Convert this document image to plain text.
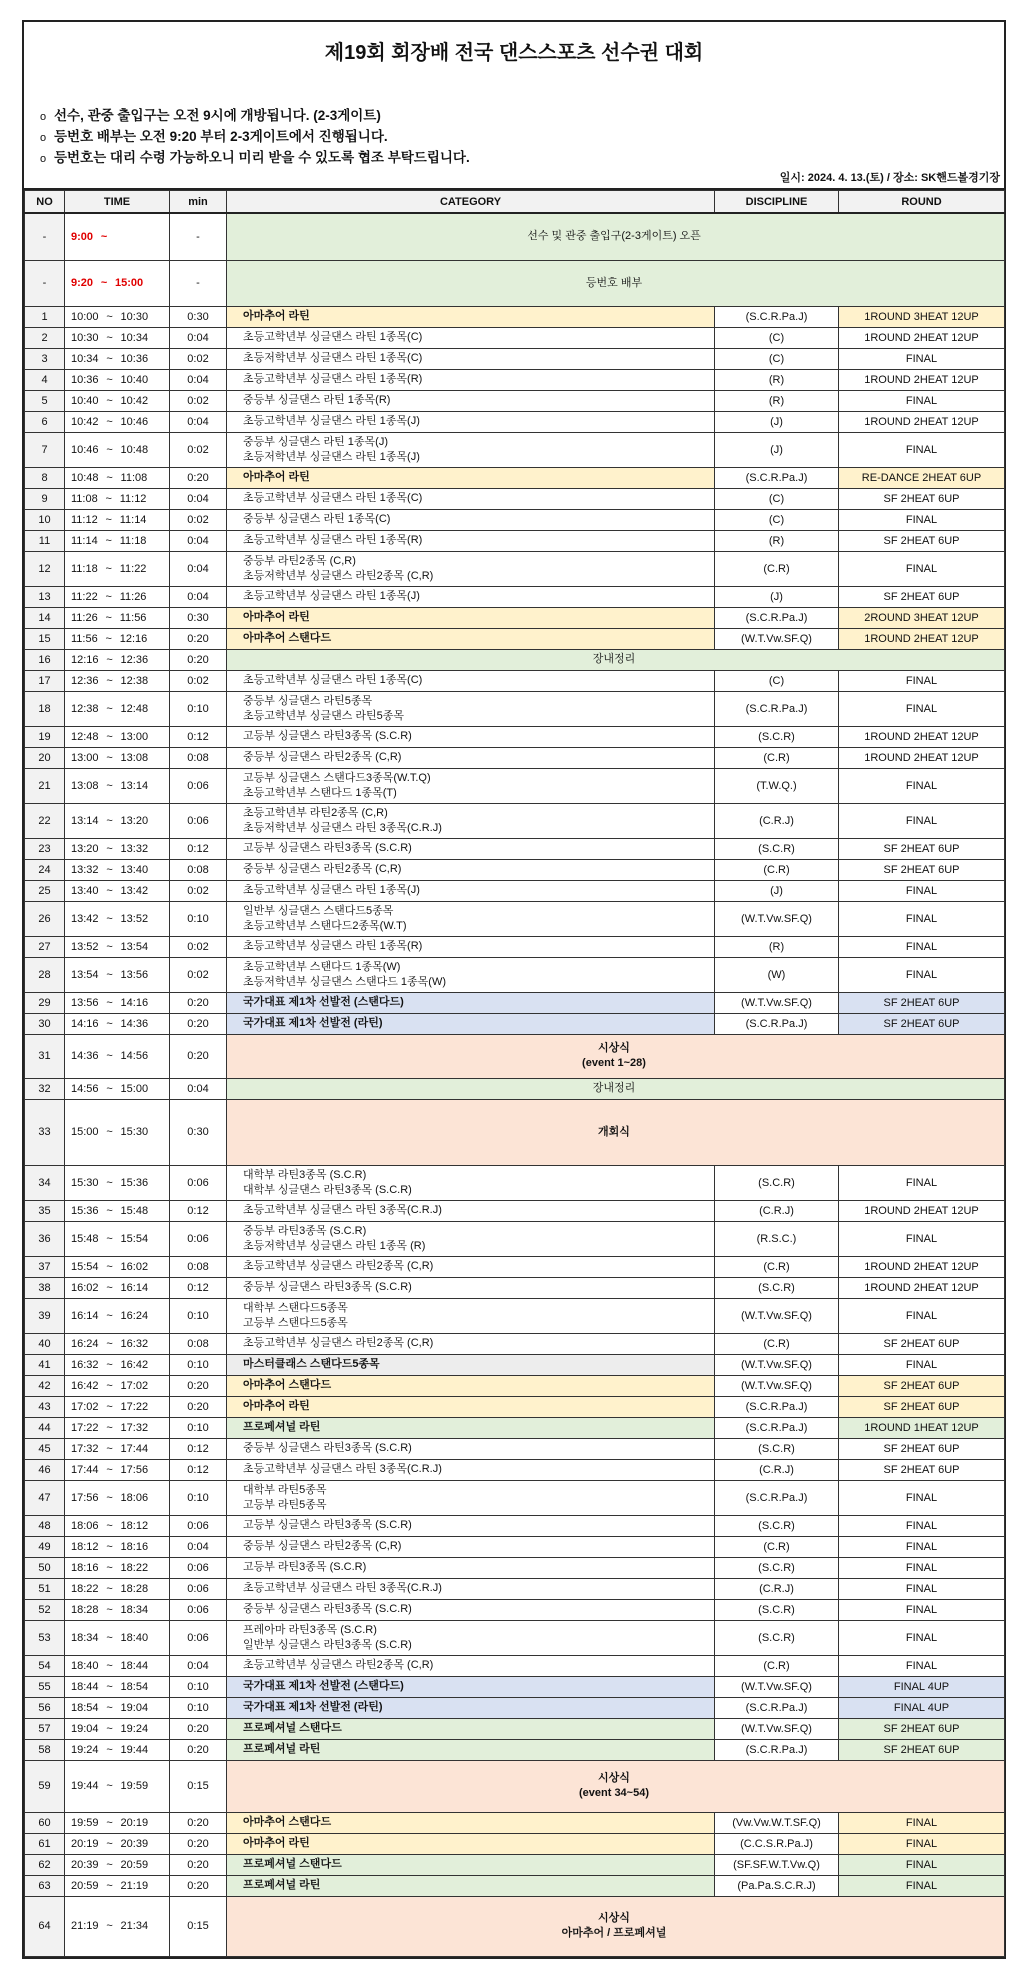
제19회 회장배 전국 댄스스포츠 선수권 대회
o 선수, 관중 출입구는 오전 9시에 개방됩니다. (2-3게이트)
o 등번호 배부는 오전 9:20 부터 2-3게이트에서 진행됩니다.
o 등번호는 대리 수령 가능하오니 미리 받을 수 있도록 협조 부탁드립니다.
일시: 2024. 4. 13.(토) / 장소: SK핸드볼경기장
NO	TIME	min	CATEGORY	DISCIPLINE	ROUND
-	9:00 ~	-	선수 및 관중 출입구(2-3게이트) 오픈		

-	9:20 ~ 15:00	-	등번호 배부		

1	10:00 ~ 10:30	0:30	아마추어 라틴	(S.C.R.Pa.J)	1ROUND 3HEAT 12UP
2	10:30 ~ 10:34	0:04	초등고학년부 싱글댄스 라틴 1종목(C)	(C)	1ROUND 2HEAT 12UP
3	10:34 ~ 10:36	0:02	초등저학년부 싱글댄스 라틴 1종목(C)	(C)	FINAL
4	10:36 ~ 10:40	0:04	초등고학년부 싱글댄스 라틴 1종목(R)	(R)	1ROUND 2HEAT 12UP
5	10:40 ~ 10:42	0:02	중등부 싱글댄스 라틴 1종목(R)	(R)	FINAL
6	10:42 ~ 10:46	0:04	초등고학년부 싱글댄스 라틴 1종목(J)	(J)	1ROUND 2HEAT 12UP
7	10:46 ~ 10:48	0:02	중등부 싱글댄스 라틴 1종목(J)
초등저학년부 싱글댄스 라틴 1종목(J)	(J)	FINAL
8	10:48 ~ 11:08	0:20	아마추어 라틴	(S.C.R.Pa.J)	RE-DANCE 2HEAT 6UP
9	11:08 ~ 11:12	0:04	초등고학년부 싱글댄스 라틴 1종목(C)	(C)	SF 2HEAT 6UP
10	11:12 ~ 11:14	0:02	중등부 싱글댄스 라틴 1종목(C)	(C)	FINAL
11	11:14 ~ 11:18	0:04	초등고학년부 싱글댄스 라틴 1종목(R)	(R)	SF 2HEAT 6UP
12	11:18 ~ 11:22	0:04	중등부 라틴2종목 (C,R)
초등저학년부 싱글댄스 라틴2종목 (C,R)	(C.R)	FINAL
13	11:22 ~ 11:26	0:04	초등고학년부 싱글댄스 라틴 1종목(J)	(J)	SF 2HEAT 6UP
14	11:26 ~ 11:56	0:30	아마추어 라틴	(S.C.R.Pa.J)	2ROUND 3HEAT 12UP
15	11:56 ~ 12:16	0:20	아마추어 스탠다드	(W.T.Vw.SF.Q)	1ROUND 2HEAT 12UP
16	12:16 ~ 12:36	0:20	장내정리		

17	12:36 ~ 12:38	0:02	초등고학년부 싱글댄스 라틴 1종목(C)	(C)	FINAL
18	12:38 ~ 12:48	0:10	중등부 싱글댄스 라틴5종목
초등고학년부 싱글댄스 라틴5종목	(S.C.R.Pa.J)	FINAL
19	12:48 ~ 13:00	0:12	고등부 싱글댄스 라틴3종목 (S.C.R)	(S.C.R)	1ROUND 2HEAT 12UP
20	13:00 ~ 13:08	0:08	중등부 싱글댄스 라틴2종목 (C,R)	(C.R)	1ROUND 2HEAT 12UP
21	13:08 ~ 13:14	0:06	고등부 싱글댄스 스탠다드3종목(W.T.Q)
초등고학년부 스탠다드 1종목(T)	(T.W.Q.)	FINAL
22	13:14 ~ 13:20	0:06	초등고학년부 라틴2종목 (C,R)
초등저학년부 싱글댄스 라틴 3종목(C.R.J)	(C.R.J)	FINAL
23	13:20 ~ 13:32	0:12	고등부 싱글댄스 라틴3종목 (S.C.R)	(S.C.R)	SF 2HEAT 6UP
24	13:32 ~ 13:40	0:08	중등부 싱글댄스 라틴2종목 (C,R)	(C.R)	SF 2HEAT 6UP
25	13:40 ~ 13:42	0:02	초등고학년부 싱글댄스 라틴 1종목(J)	(J)	FINAL
26	13:42 ~ 13:52	0:10	일반부 싱글댄스 스탠다드5종목
초등고학년부 스탠다드2종목(W.T)	(W.T.Vw.SF.Q)	FINAL
27	13:52 ~ 13:54	0:02	초등고학년부 싱글댄스 라틴 1종목(R)	(R)	FINAL
28	13:54 ~ 13:56	0:02	초등고학년부 스탠다드 1종목(W)
초등저학년부 싱글댄스 스탠다드 1종목(W)	(W)	FINAL
29	13:56 ~ 14:16	0:20	국가대표 제1차 선발전 (스탠다드)	(W.T.Vw.SF.Q)	SF 2HEAT 6UP
30	14:16 ~ 14:36	0:20	국가대표 제1차 선발전 (라틴)	(S.C.R.Pa.J)	SF 2HEAT 6UP
31	14:36 ~ 14:56	0:20	시상식
(event 1~28)		

32	14:56 ~ 15:00	0:04	장내정리		

33	15:00 ~ 15:30	0:30	개회식		

34	15:30 ~ 15:36	0:06	대학부 라틴3종목 (S.C.R)
대학부 싱글댄스 라틴3종목 (S.C.R)	(S.C.R)	FINAL
35	15:36 ~ 15:48	0:12	초등고학년부 싱글댄스 라틴 3종목(C.R.J)	(C.R.J)	1ROUND 2HEAT 12UP
36	15:48 ~ 15:54	0:06	중등부 라틴3종목 (S.C.R)
초등저학년부 싱글댄스 라틴 1종목 (R)	(R.S.C.)	FINAL
37	15:54 ~ 16:02	0:08	초등고학년부 싱글댄스 라틴2종목 (C,R)	(C.R)	1ROUND 2HEAT 12UP
38	16:02 ~ 16:14	0:12	중등부 싱글댄스 라틴3종목 (S.C.R)	(S.C.R)	1ROUND 2HEAT 12UP
39	16:14 ~ 16:24	0:10	대학부 스탠다드5종목
고등부 스탠다드5종목	(W.T.Vw.SF.Q)	FINAL
40	16:24 ~ 16:32	0:08	초등고학년부 싱글댄스 라틴2종목 (C,R)	(C.R)	SF 2HEAT 6UP
41	16:32 ~ 16:42	0:10	마스터클래스 스탠다드5종목	(W.T.Vw.SF.Q)	FINAL
42	16:42 ~ 17:02	0:20	아마추어 스탠다드	(W.T.Vw.SF.Q)	SF 2HEAT 6UP
43	17:02 ~ 17:22	0:20	아마추어 라틴	(S.C.R.Pa.J)	SF 2HEAT 6UP
44	17:22 ~ 17:32	0:10	프로페셔널 라틴	(S.C.R.Pa.J)	1ROUND 1HEAT 12UP
45	17:32 ~ 17:44	0:12	중등부 싱글댄스 라틴3종목 (S.C.R)	(S.C.R)	SF 2HEAT 6UP
46	17:44 ~ 17:56	0:12	초등고학년부 싱글댄스 라틴 3종목(C.R.J)	(C.R.J)	SF 2HEAT 6UP
47	17:56 ~ 18:06	0:10	대학부 라틴5종목
고등부 라틴5종목	(S.C.R.Pa.J)	FINAL
48	18:06 ~ 18:12	0:06	고등부 싱글댄스 라틴3종목 (S.C.R)	(S.C.R)	FINAL
49	18:12 ~ 18:16	0:04	중등부 싱글댄스 라틴2종목 (C,R)	(C.R)	FINAL
50	18:16 ~ 18:22	0:06	고등부 라틴3종목 (S.C.R)	(S.C.R)	FINAL
51	18:22 ~ 18:28	0:06	초등고학년부 싱글댄스 라틴 3종목(C.R.J)	(C.R.J)	FINAL
52	18:28 ~ 18:34	0:06	중등부 싱글댄스 라틴3종목 (S.C.R)	(S.C.R)	FINAL
53	18:34 ~ 18:40	0:06	프레아마 라틴3종목 (S.C.R)
일반부 싱글댄스 라틴3종목 (S.C.R)	(S.C.R)	FINAL
54	18:40 ~ 18:44	0:04	초등고학년부 싱글댄스 라틴2종목 (C,R)	(C.R)	FINAL
55	18:44 ~ 18:54	0:10	국가대표 제1차 선발전 (스탠다드)	(W.T.Vw.SF.Q)	FINAL 4UP
56	18:54 ~ 19:04	0:10	국가대표 제1차 선발전 (라틴)	(S.C.R.Pa.J)	FINAL 4UP
57	19:04 ~ 19:24	0:20	프로페셔널 스탠다드	(W.T.Vw.SF.Q)	SF 2HEAT 6UP
58	19:24 ~ 19:44	0:20	프로페셔널 라틴	(S.C.R.Pa.J)	SF 2HEAT 6UP
59	19:44 ~ 19:59	0:15	시상식
(event 34~54)		

60	19:59 ~ 20:19	0:20	아마추어 스탠다드	(Vw.Vw.W.T.SF.Q)	FINAL
61	20:19 ~ 20:39	0:20	아마추어 라틴	(C.C.S.R.Pa.J)	FINAL
62	20:39 ~ 20:59	0:20	프로페셔널 스탠다드	(SF.SF.W.T.Vw.Q)	FINAL
63	20:59 ~ 21:19	0:20	프로페셔널 라틴	(Pa.Pa.S.C.R.J)	FINAL
64	21:19 ~ 21:34	0:15	시상식
아마추어 / 프로페셔널		
